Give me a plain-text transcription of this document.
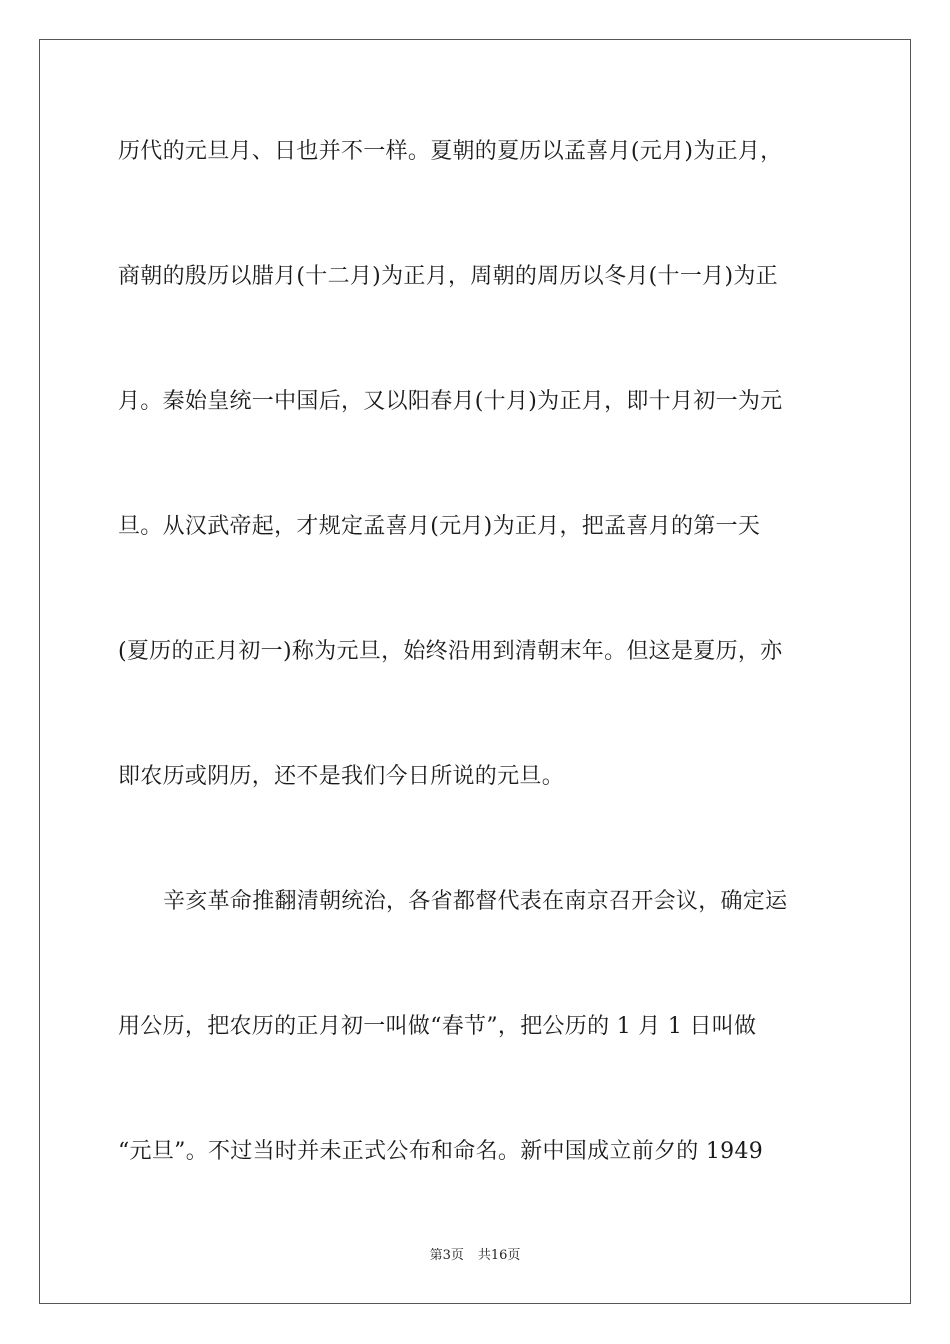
历代的元旦月、日也并不一样。夏朝的夏历以孟喜月(元月)为正月，
商朝的殷历以腊月(十二月)为正月，周朝的周历以冬月(十一月)为正
月。秦始皇统一中国后，又以阳春月(十月)为正月，即十月初一为元
旦。从汉武帝起，才规定孟喜月(元月)为正月，把孟喜月的第一天
(夏历的正月初一)称为元旦，始终沿用到清朝末年。但这是夏历，亦
即农历或阴历，还不是我们今日所说的元旦。
辛亥革命推翻清朝统治，各省都督代表在南京召开会议，确定运
用公历，把农历的正月初一叫做“春节”，把公历的 1 月 1 日叫做
“元旦”。不过当时并未正式公布和命名。新中国成立前夕的 1949
第3页 共16页
